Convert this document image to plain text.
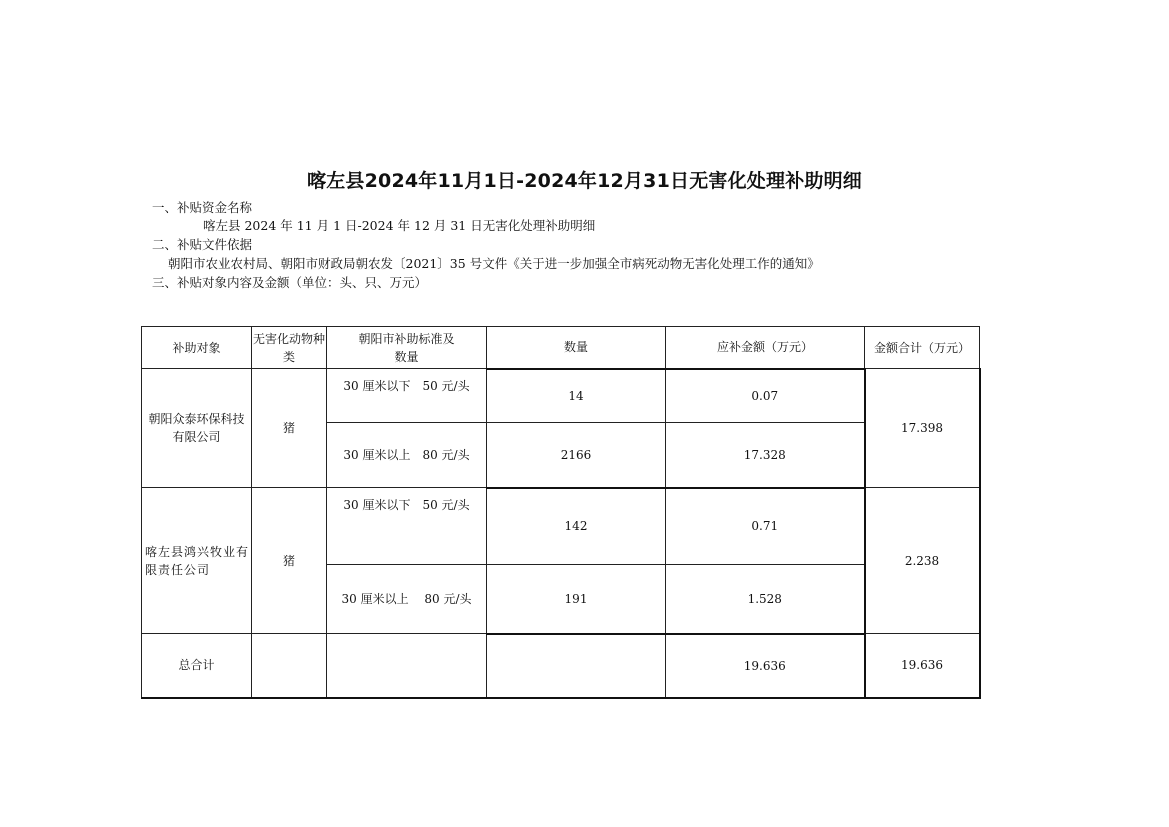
喀左县2024年11月1日-2024年12月31日无害化处理补助明细
一、补贴资金名称
喀左县 2024 年 11 月 1 日-2024 年 12 月 31 日无害化处理补助明细
二、补贴文件依据
朝阳市农业农村局、朝阳市财政局朝农发〔2021〕35 号文件《关于进一步加强全市病死动物无害化处理工作的通知》
三、补贴对象内容及金额（单位：头、只、万元）
补助对象	无害化动物种　　类	朝阳市补助标准及数量	数量	应补金额（万元）	金额合计（万元）
朝阳众泰环保科技有限公司	猪	30 厘米以下　50 元/头	14	0.07	17.398
		30 厘米以上　80 元/头	2166	17.328	
喀左县鸿兴牧业有限责任公司	猪	30 厘米以下　50 元/头	142	0.71	2.238
		30 厘米以上　 80 元/头	191	1.528	
总合计				19.636	19.636
